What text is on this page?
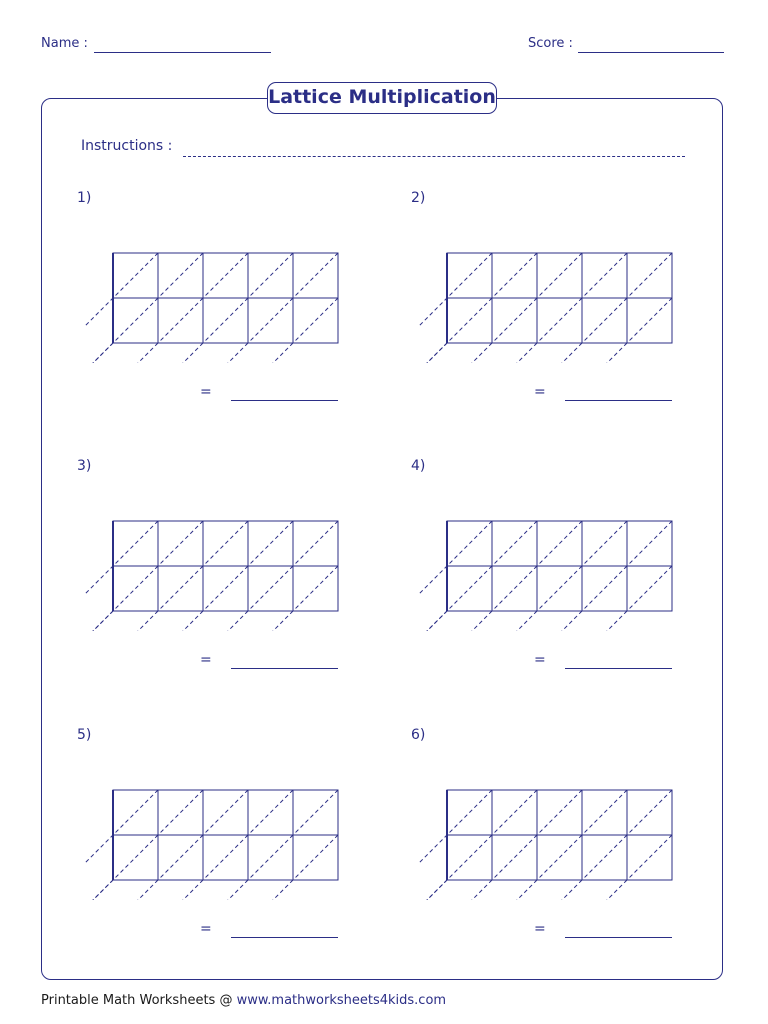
Name :	Score :
Lattice Multiplication
Instructions :
1)
=
2)
=
3)
=
4)
=
5)
=
6)
=
Printable Math Worksheets @ www.mathworksheets4kids.com
